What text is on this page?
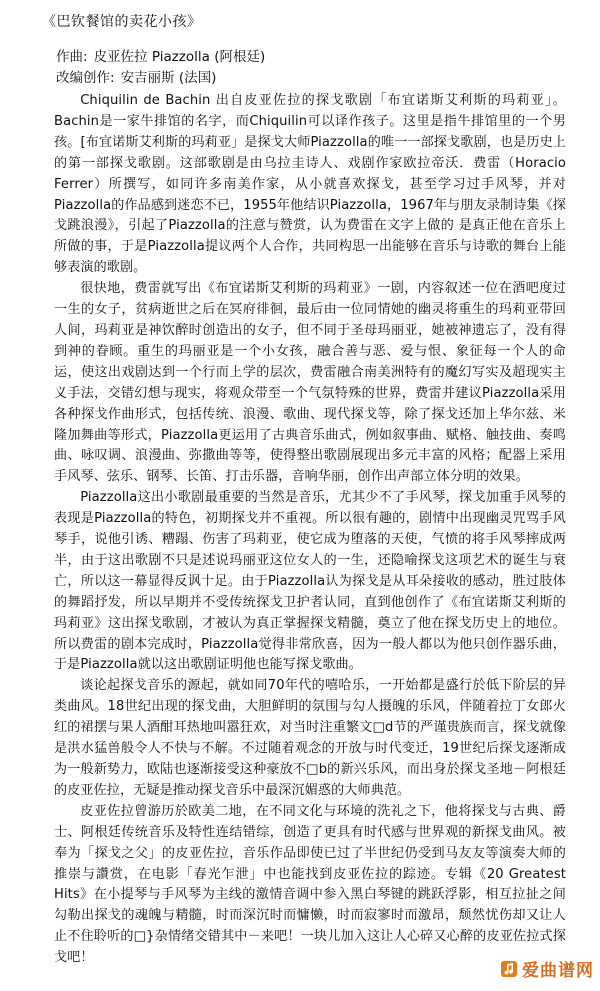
《巴钦餐馆的卖花小孩》
作曲: 皮亚佐拉 Piazzolla (阿根廷)
改编创作: 安吉丽斯 (法国)

Chiquilin de Bachin 出自皮亚佐拉的探戈歌剧「布宜诺斯艾利斯的玛莉亚」。Bachin是一家牛排馆的名字，而Chiquilin可以译作孩子。这里是指牛排馆里的一个男孩。[布宜诺斯艾利斯的玛莉亚」是探戈大师Piazzolla的唯一一部探戈歌剧，也是历史上的第一部探戈歌剧。这部歌剧是由乌拉圭诗人、戏剧作家欧拉帝沃．费雷（Horacio Ferrer）所撰写，如同许多南美作家，从小就喜欢探戈，甚至学习过手风琴，并对Piazzolla的作品感到迷恋不已，1955年他结识Piazzolla，1967年与朋友录制诗集《探戈跳浪漫》，引起了Piazzolla的注意与赞赏，认为费雷在文字上做的 是真正他在音乐上所做的事，于是Piazzolla提议两个人合作，共同构思一出能够在音乐与诗歌的舞台上能够表演的歌剧。

很快地，费雷就写出《布宜诺斯艾利斯的玛莉亚》一剧，内容叙述一位在酒吧度过一生的女子，贫病逝世之后在冥府徘徊，最后由一位同情她的幽灵将重生的玛莉亚带回人间，玛莉亚是神饮醉时创造出的女子，但不同于圣母玛丽亚，她被神遗忘了，没有得到神的眷顾。重生的玛丽亚是一个小女孩，融合善与恶、爱与恨、象征每一个人的命运，使这出戏剧达到一个行而上学的层次，费雷融合南美洲特有的魔幻写实及超现实主义手法，交错幻想与现实，将观众带至一个气氛特殊的世界，费雷并建议Piazzolla采用各种探戈作曲形式，包括传统、浪漫、歌曲、现代探戈等，除了探戈还加上华尔兹、米隆加舞曲等形式，Piazzolla更运用了古典音乐曲式，例如叙事曲、赋格、触技曲、奏鸣曲、咏叹调、浪漫曲、弥撒曲等等，使得整出歌剧展现出多元丰富的风格；配器上采用手风琴、弦乐、钢琴、长笛、打击乐器，音响华丽，创作出声部立体分明的效果。

Piazzolla这出小歌剧最重要的当然是音乐，尤其少不了手风琴，探戈加重手风琴的表现是Piazzolla的特色，初期探戈并不重视。所以很有趣的，剧情中出现幽灵咒骂手风琴手，说他引诱、糟蹋、伤害了玛莉亚，使它成为堕落的天使，气愤的将手风琴摔成两半，由于这出歌剧不只是述说玛丽亚这位女人的一生，还隐喻探戈这项艺术的诞生与衰亡，所以这一幕显得反讽十足。由于Piazzolla认为探戈是从耳朵接收的感动，胜过肢体的舞蹈抒发，所以早期并不受传统探戈卫护者认同，直到他创作了《布宜诺斯艾利斯的玛莉亚》这出探戈歌剧，才被认为真正掌握探戈精髓，奠立了他在探戈历史上的地位。所以费雷的剧本完成时，Piazzolla觉得非常欣喜，因为一般人都以为他只创作器乐曲，于是Piazzolla就以这出歌剧证明他也能写探戈歌曲。

谈论起探戈音乐的源起，就如同70年代的嘻哈乐，一开始都是盛行於低下阶层的异类曲风。18世纪出现的探戈曲，大胆鲜明的氛围与勾人摄魄的乐风，伴随着拉丁女郎火红的裙摆与果人酒酣耳热地叫嚣狂欢，对当时注重繁文□d节的严谨贵族而言，探戈就像是洪水猛兽般令人不快与不解。不过随着观念的开放与时代变迁，19世纪后探戈逐渐成为一般新势力，欧陆也逐渐接受这种豪放不□b的新兴乐风，而出身於探戈圣地－阿根廷的皮亚佐拉，无疑是推动探戈音乐中最深沉媚惑的大师典范。

皮亚佐拉曾游历於欧美二地，在不同文化与环境的洗礼之下，他将探戈与古典、爵士、阿根廷传统音乐及特性连结错综，创造了更具有时代感与世界观的新探戈曲风。被奉为「探戈之父」的皮亚佐拉，音乐作品即使已过了半世纪仍受到马友友等演奏大师的推崇与讚赏，在电影「春光乍泄」中也能找到皮亚佐拉的踪迹。专辑《20 Greatest Hits》在小提琴与手风琴为主线的激情音调中参入黑白琴键的跳跃浮影，相互拉扯之间勾勒出探戈的魂魄与精髓，时而深沉时而慵懒，时而寂寥时而激昂，颓然忧伤却又让人止不住聆听的□}杂情绪交错其中－来吧！一块儿加入这让人心碎又心醉的皮亚佐拉式探戈吧！

爱曲谱网
